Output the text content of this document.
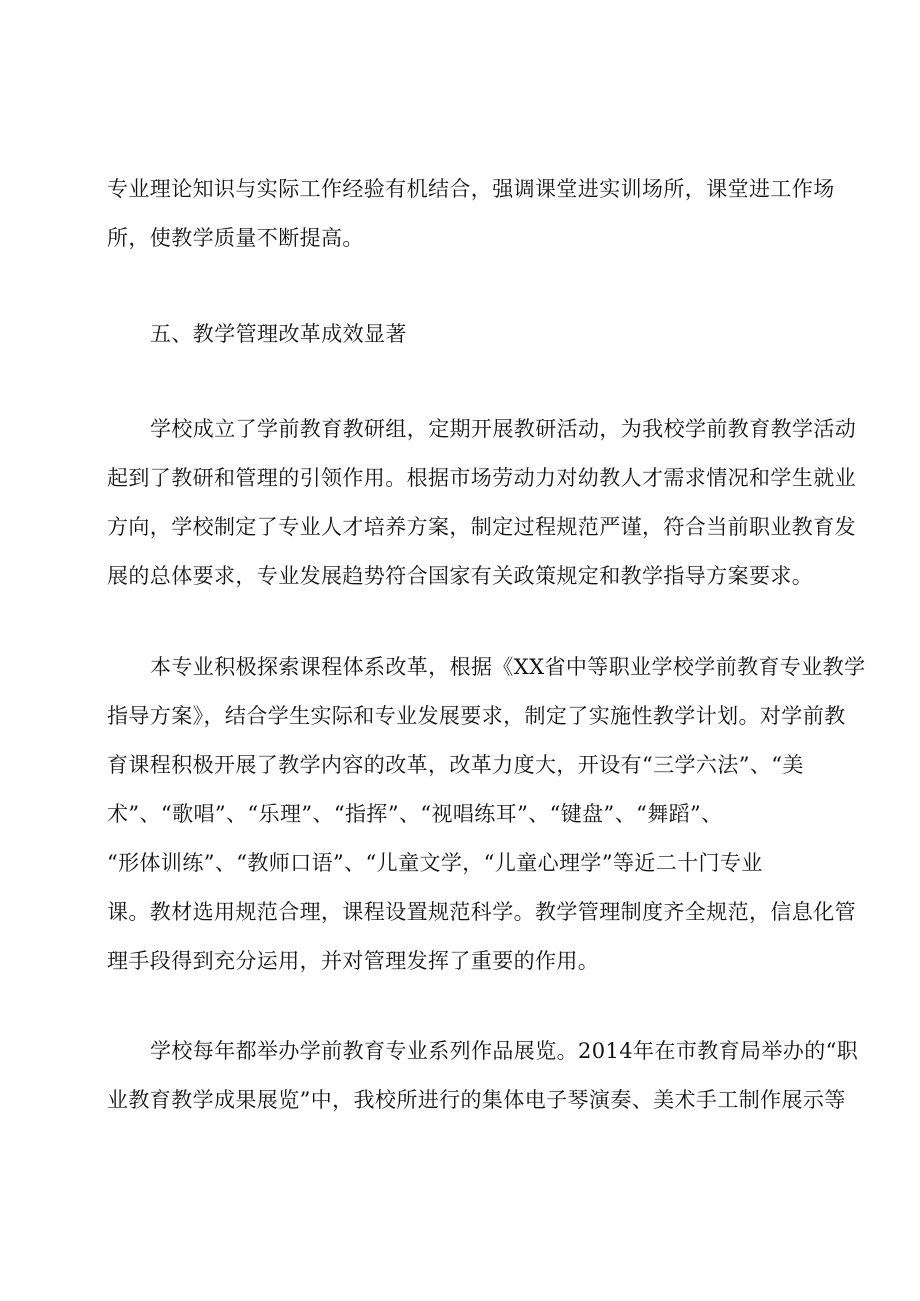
专业理论知识与实际工作经验有机结合，强调课堂进实训场所，课堂进工作场
所，使教学质量不断提高。
五、教学管理改革成效显著
学校成立了学前教育教研组，定期开展教研活动，为我校学前教育教学活动
起到了教研和管理的引领作用。根据市场劳动力对幼教人才需求情况和学生就业
方向，学校制定了专业人才培养方案，制定过程规范严谨，符合当前职业教育发
展的总体要求，专业发展趋势符合国家有关政策规定和教学指导方案要求。
本专业积极探索课程体系改革，根据《XX省中等职业学校学前教育专业教学
指导方案》，结合学生实际和专业发展要求，制定了实施性教学计划。对学前教
育课程积极开展了教学内容的改革，改革力度大，开设有“三学六法”、“美
术”、“歌唱”、“乐理”、“指挥”、“视唱练耳”、“键盘”、“舞蹈”、
“形体训练”、“教师口语”、“儿童文学，“儿童心理学”等近二十门专业
课。教材选用规范合理，课程设置规范科学。教学管理制度齐全规范，信息化管
理手段得到充分运用，并对管理发挥了重要的作用。
学校每年都举办学前教育专业系列作品展览。2014年在市教育局举办的“职
业教育教学成果展览”中，我校所进行的集体电子琴演奏、美术手工制作展示等
